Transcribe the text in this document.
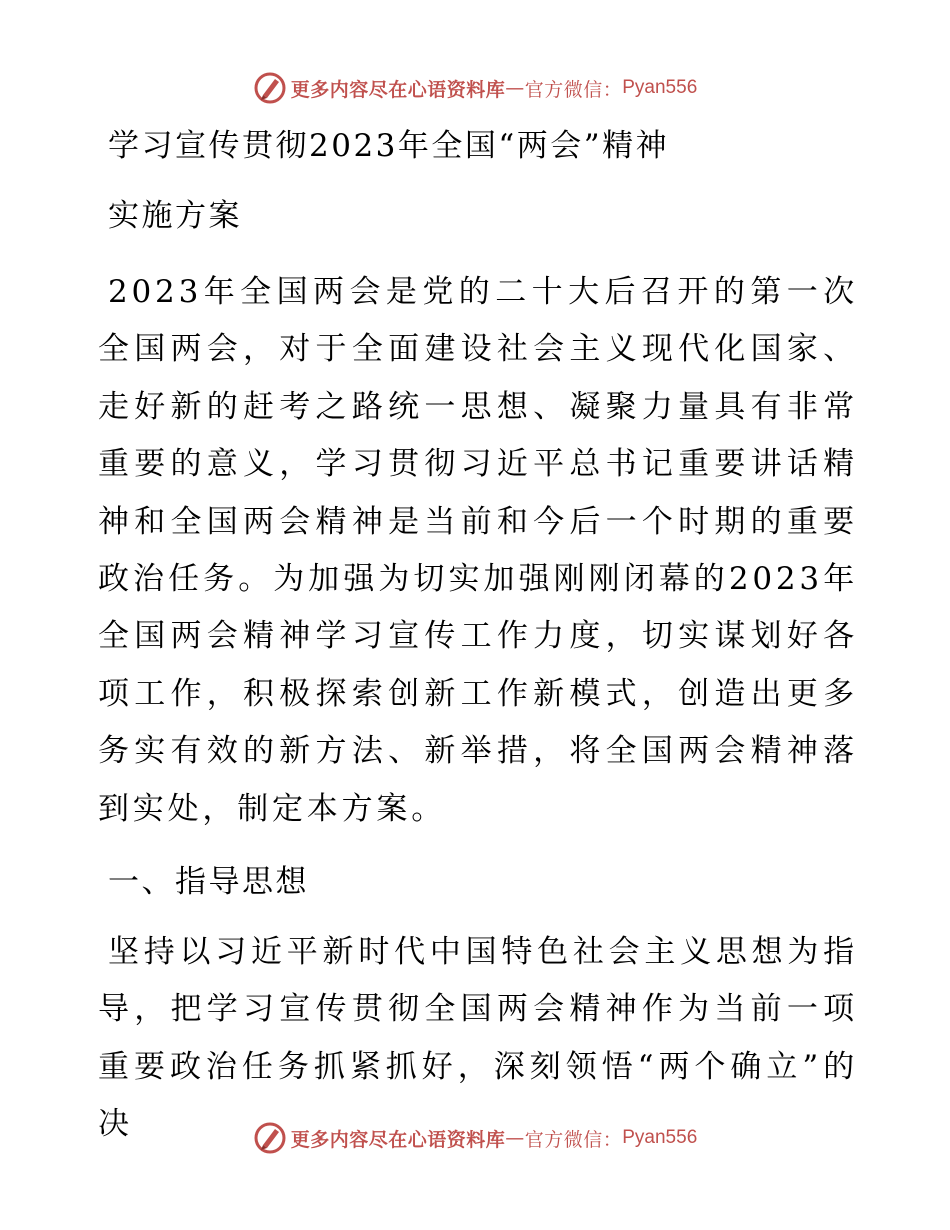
更多内容尽在心语资料库 — 官方微信： Pyan556

学习宣传贯彻2023年全国“两会”精神

实施方案

2023年全国两会是党的二十大后召开的第一次全国两会，对于全面建设社会主义现代化国家、走好新的赶考之路统一思想、凝聚力量具有非常重要的意义，学习贯彻习近平总书记重要讲话精神和全国两会精神是当前和今后一个时期的重要政治任务。为加强为切实加强刚刚闭幕的2023年全国两会精神学习宣传工作力度，切实谋划好各项工作，积极探索创新工作新模式，创造出更多务实有效的新方法、新举措，将全国两会精神落到实处，制定本方案。

一、指导思想

坚持以习近平新时代中国特色社会主义思想为指导，把学习宣传贯彻全国两会精神作为当前一项重要政治任务抓紧抓好，深刻领悟“两个确立”的决	更多内容尽在心语资料库 — 官方微信： Pyan556
